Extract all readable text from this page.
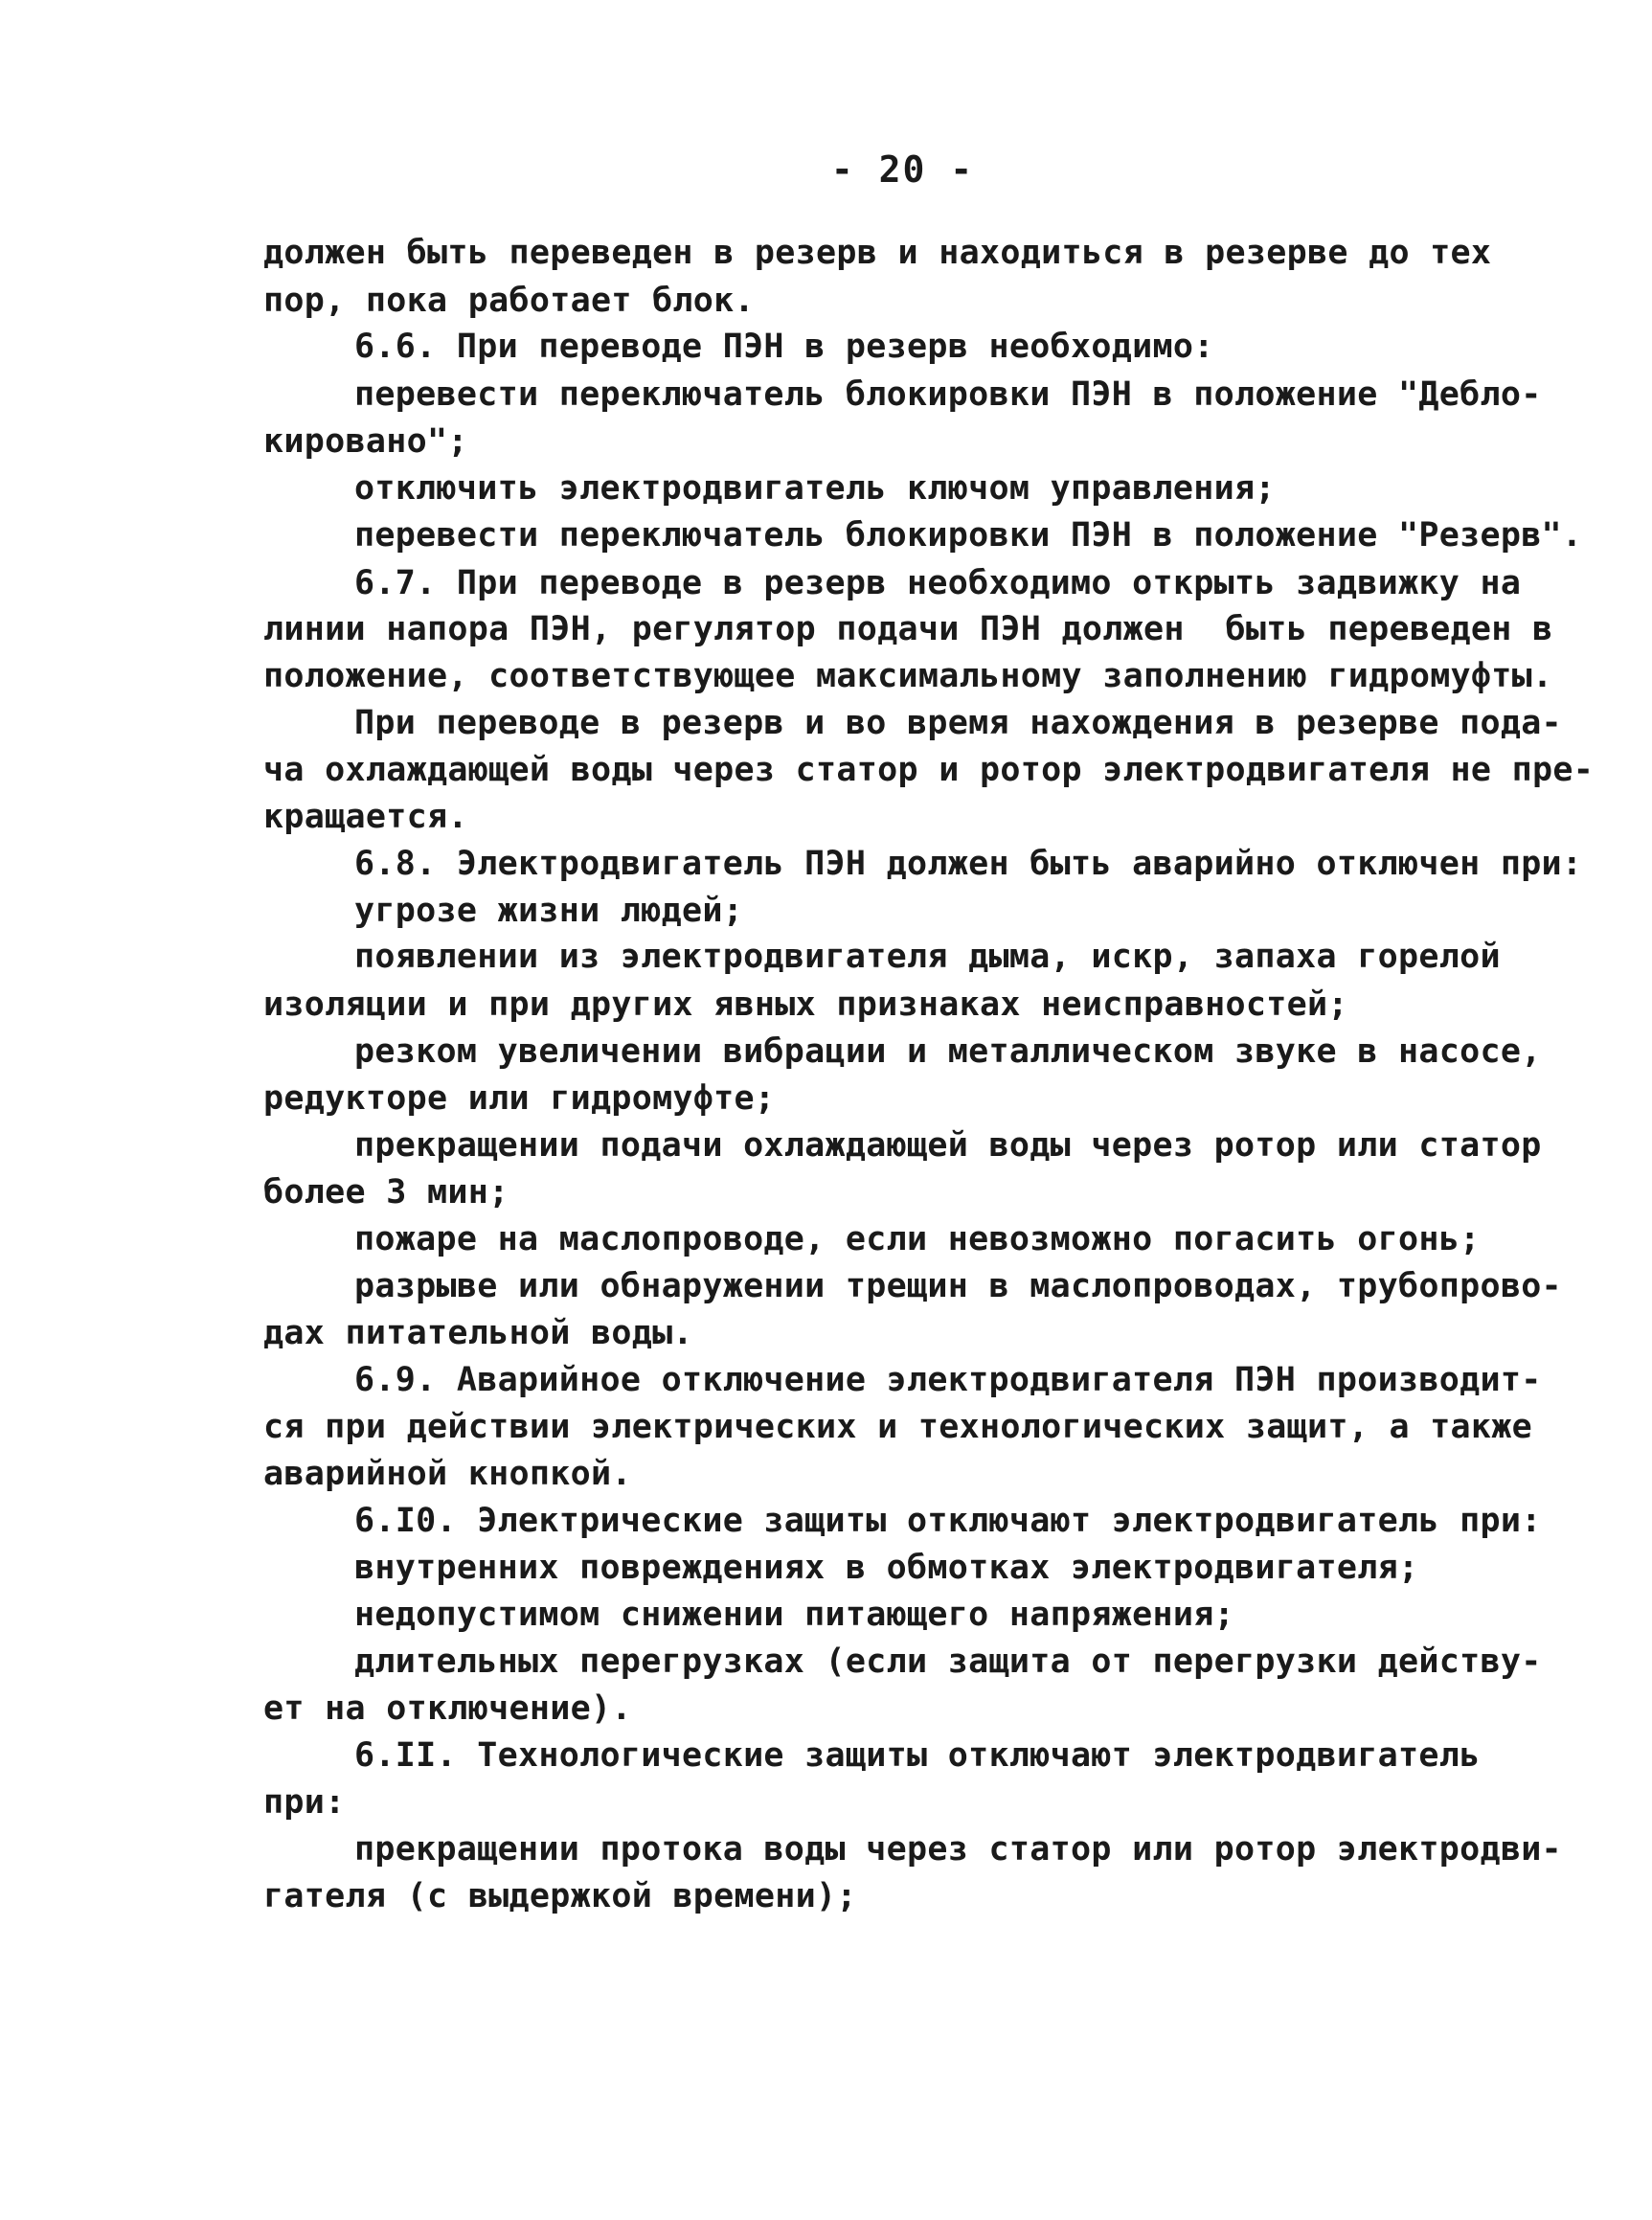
- 20 -
должен быть переведен в резерв и находиться в резерве до тех
пор, пока работает блок.
6.6. При переводе ПЭН в резерв необходимо:
перевести переключатель блокировки ПЭН в положение "Дебло-
кировано";
отключить электродвигатель ключом управления;
перевести переключатель блокировки ПЭН в положение "Резерв".
6.7. При переводе в резерв необходимо открыть задвижку на
линии напора ПЭН, регулятор подачи ПЭН должен  быть переведен в
положение, соответствующее максимальному заполнению гидромуфты.
При переводе в резерв и во время нахождения в резерве пода-
ча охлаждающей воды через статор и ротор электродвигателя не пре-
кращается.
6.8. Электродвигатель ПЭН должен быть аварийно отключен при:
угрозе жизни людей;
появлении из электродвигателя дыма, искр, запаха горелой
изоляции и при других явных признаках неисправностей;
резком увеличении вибрации и металлическом звуке в насосе,
редукторе или гидромуфте;
прекращении подачи охлаждающей воды через ротор или статор
более 3 мин;
пожаре на маслопроводе, если невозможно погасить огонь;
разрыве или обнаружении трещин в маслопроводах, трубопрово-
дах питательной воды.
6.9. Аварийное отключение электродвигателя ПЭН производит-
ся при действии электрических и технологических защит, а также
аварийной кнопкой.
6.I0. Электрические защиты отключают электродвигатель при:
внутренних повреждениях в обмотках электродвигателя;
недопустимом снижении питающего напряжения;
длительных перегрузках (если защита от перегрузки действу-
ет на отключение).
6.II. Технологические защиты отключают электродвигатель
при:
прекращении протока воды через статор или ротор электродви-
гателя (с выдержкой времени);
